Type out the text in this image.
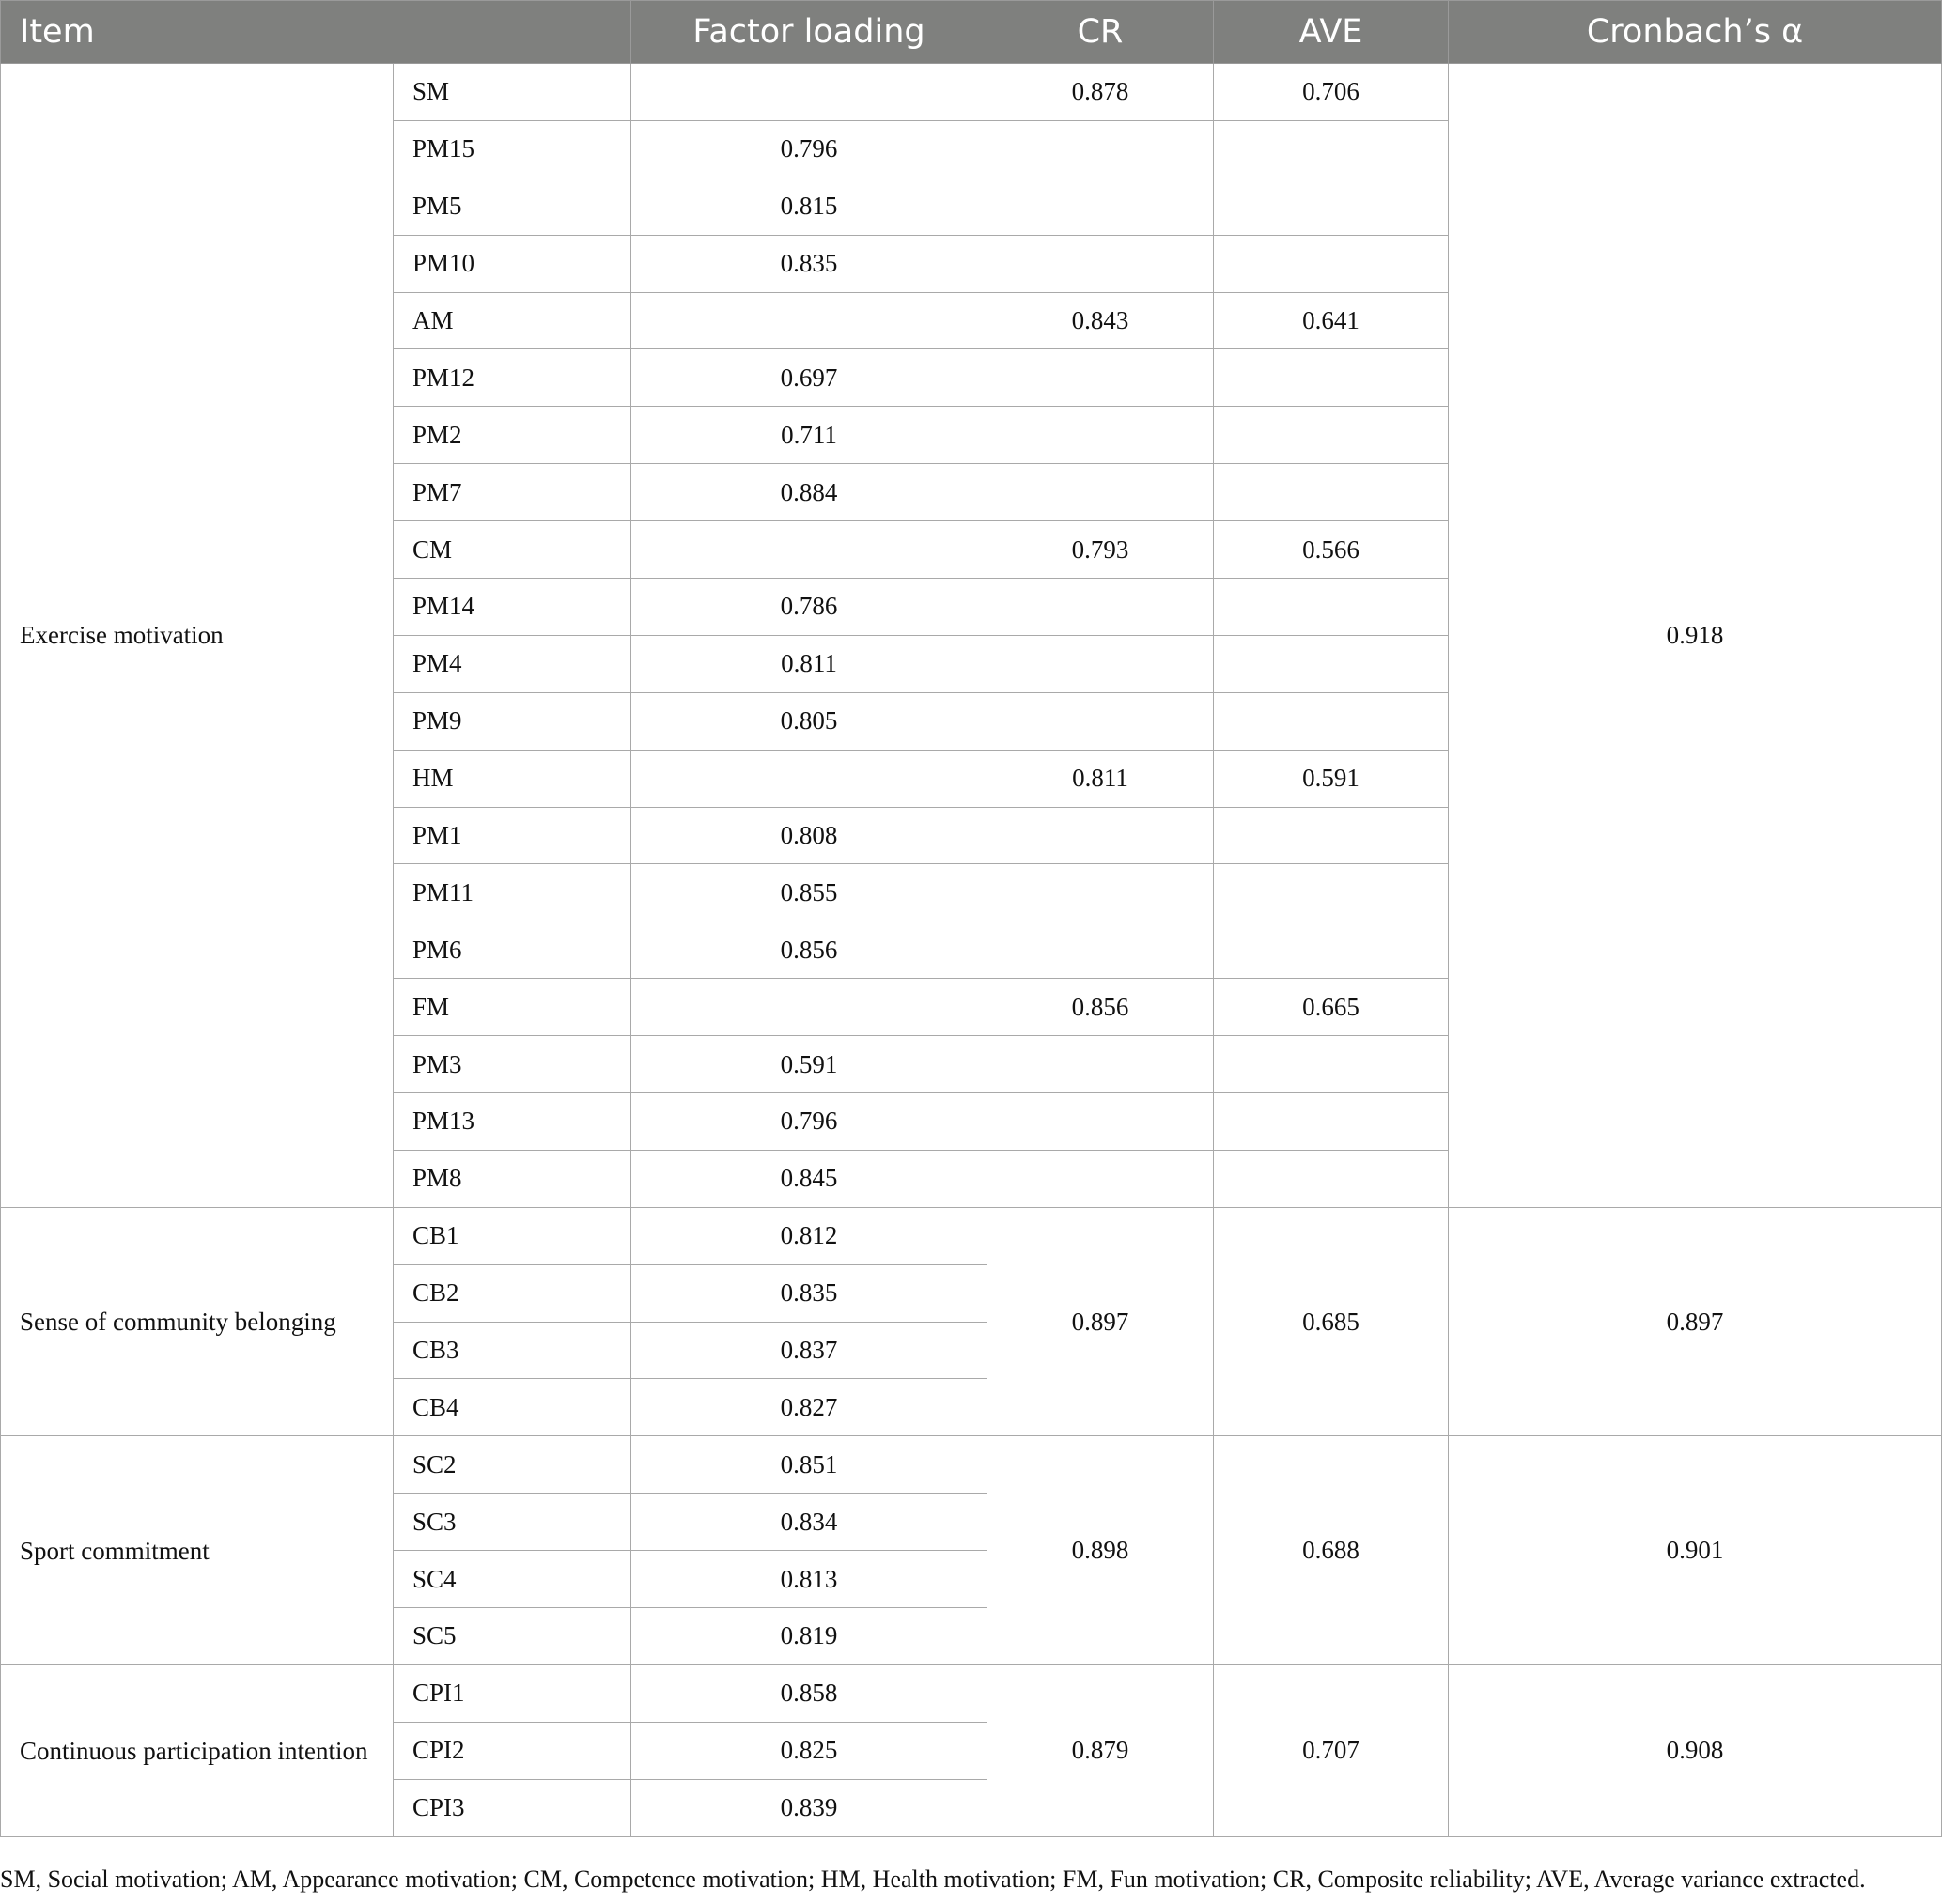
Item		Factor loading	CR	AVE	Cronbach’s α
Exercise motivation	SM		0.878	0.706	0.918
	PM15	0.796			
	PM5	0.815			
	PM10	0.835			
	AM		0.843	0.641	
	PM12	0.697			
	PM2	0.711			
	PM7	0.884			
	CM		0.793	0.566	
	PM14	0.786			
	PM4	0.811			
	PM9	0.805			
	HM		0.811	0.591	
	PM1	0.808			
	PM11	0.855			
	PM6	0.856			
	FM		0.856	0.665	
	PM3	0.591			
	PM13	0.796			
	PM8	0.845			
Sense of community belonging	CB1	0.812	0.897	0.685	0.897
	CB2	0.835			
	CB3	0.837			
	CB4	0.827			
Sport commitment	SC2	0.851	0.898	0.688	0.901
	SC3	0.834			
	SC4	0.813			
	SC5	0.819			
Continuous participation intention	CPI1	0.858	0.879	0.707	0.908
	CPI2	0.825			
	CPI3	0.839			
SM, Social motivation; AM, Appearance motivation; CM, Competence motivation; HM, Health motivation; FM, Fun motivation; CR, Composite reliability; AVE, Average variance extracted.
